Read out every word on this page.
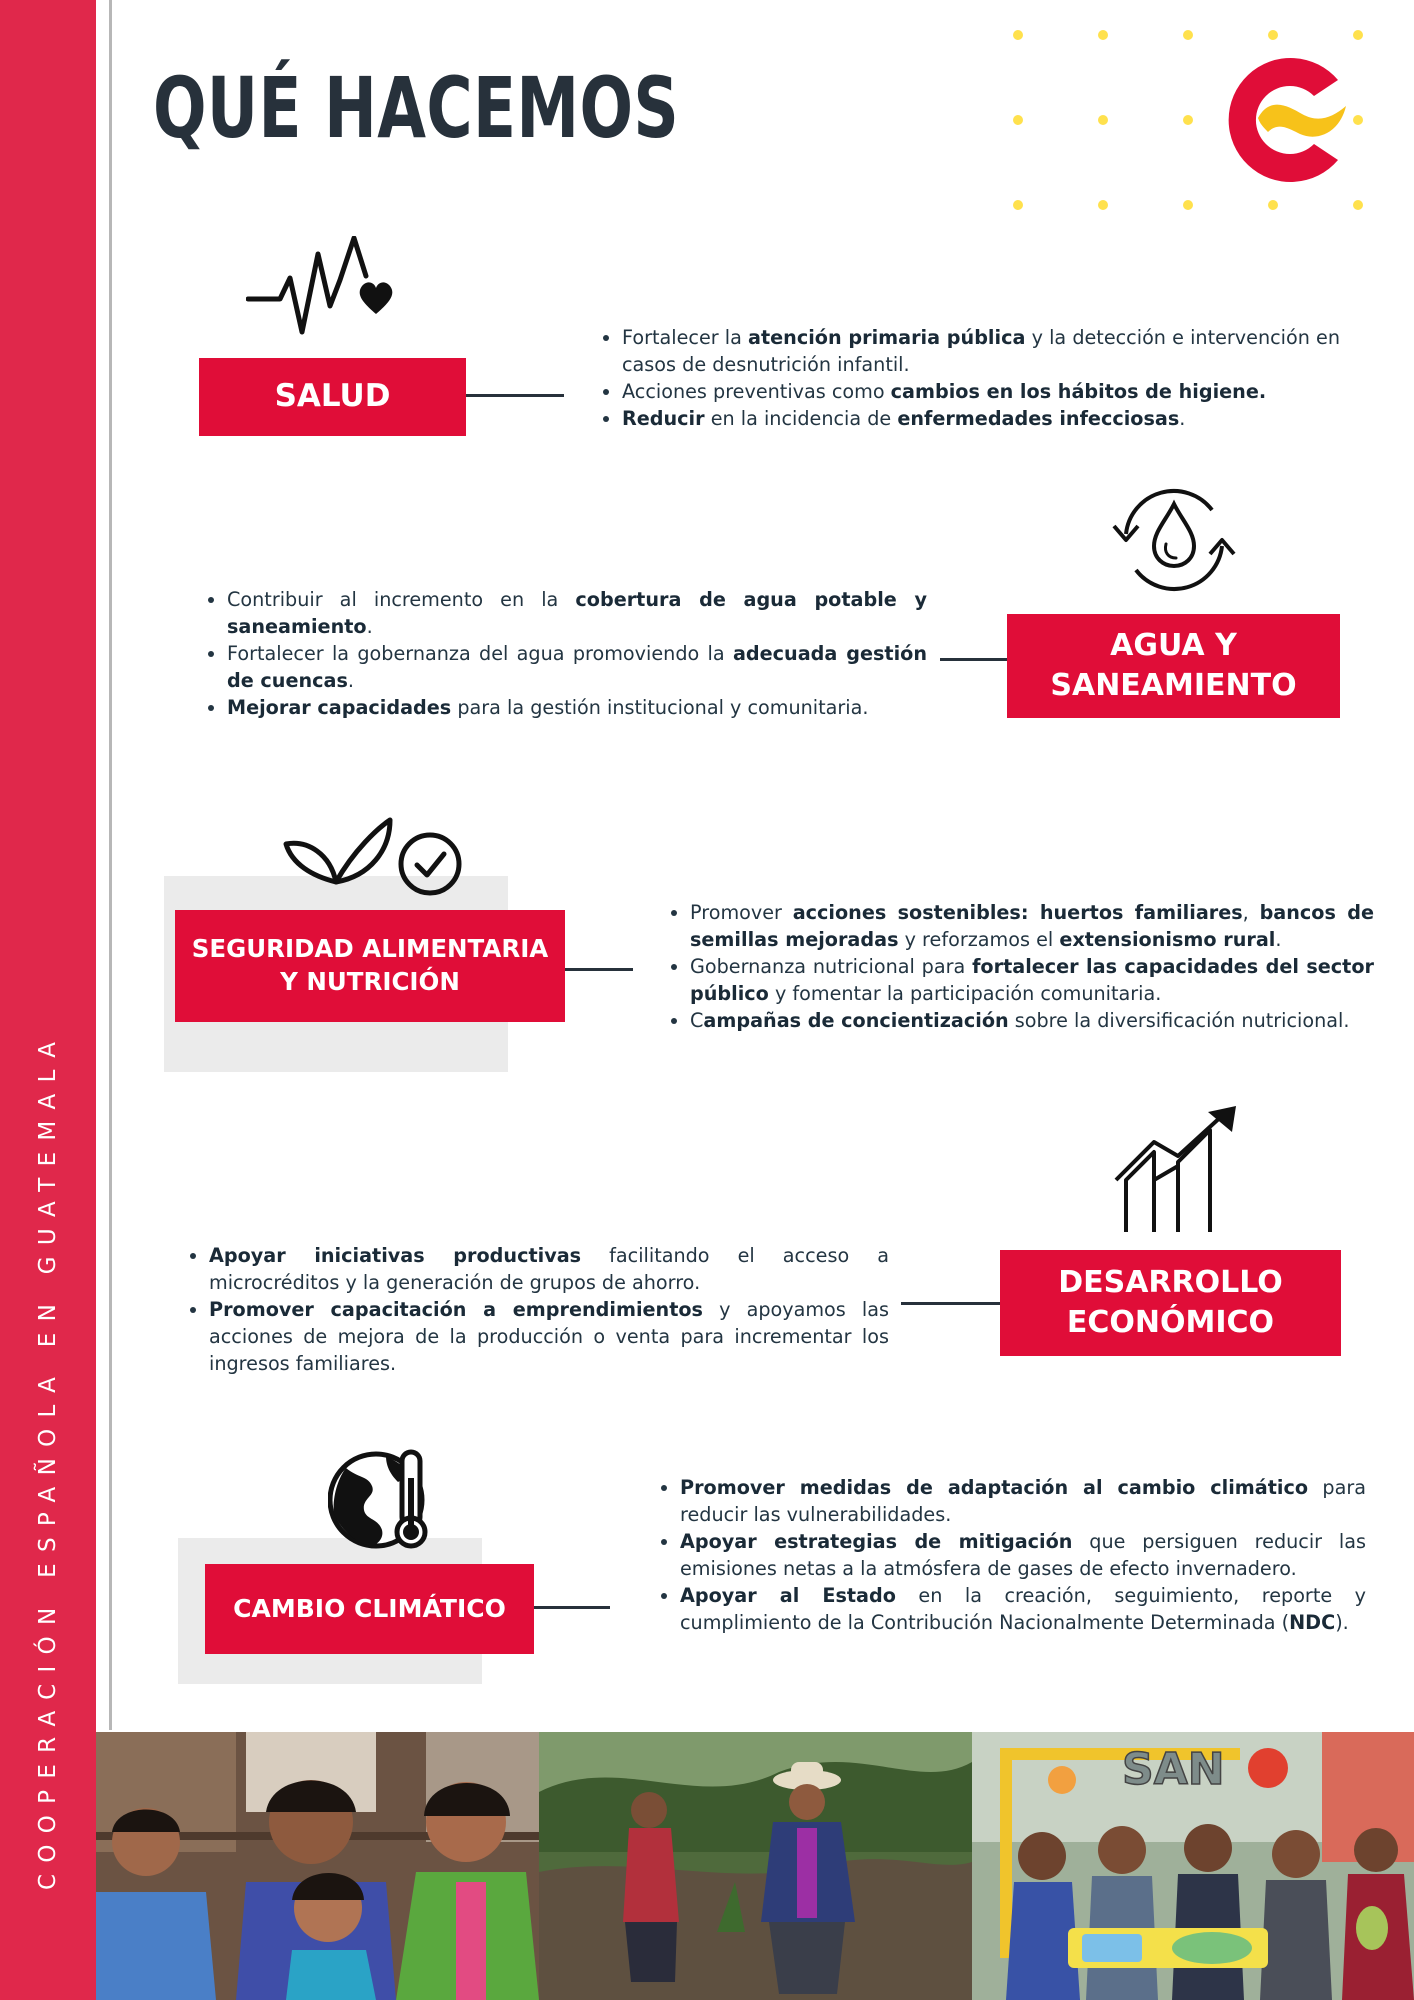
COOPERACIÓN ESPAÑOLA EN GUATEMALA
QUÉ HACEMOS
SALUD
• Fortalecer la atención primaria pública y la detección e intervención en casos de desnutrición infantil.
• Acciones preventivas como cambios en los hábitos de higiene.
• Reducir en la incidencia de enfermedades infecciosas.
AGUA Y
SANEAMIENTO
• Contribuir al incremento en la cobertura de agua potable y saneamiento.
• Fortalecer la gobernanza del agua promoviendo la adecuada gestión de cuencas.
• Mejorar capacidades para la gestión institucional y comunitaria.
SEGURIDAD ALIMENTARIA
Y NUTRICIÓN
• Promover acciones sostenibles: huertos familiares, bancos de semillas mejoradas y reforzamos el extensionismo rural.
• Gobernanza nutricional para fortalecer las capacidades del sector público y fomentar la participación comunitaria.
• Campañas de concientización sobre la diversificación nutricional.
DESARROLLO
ECONÓMICO
• Apoyar iniciativas productivas facilitando el acceso a microcréditos y la generación de grupos de ahorro.
• Promover capacitación a emprendimientos y apoyamos las acciones de mejora de la producción o venta para incrementar los ingresos familiares.
CAMBIO CLIMÁTICO
• Promover medidas de adaptación al cambio climático para reducir las vulnerabilidades.
• Apoyar estrategias de mitigación que persiguen reducir las emisiones netas a la atmósfera de gases de efecto invernadero.
• Apoyar al Estado en la creación, seguimiento, reporte y cumplimiento de la Contribución Nacionalmente Determinada (NDC).
SAN
